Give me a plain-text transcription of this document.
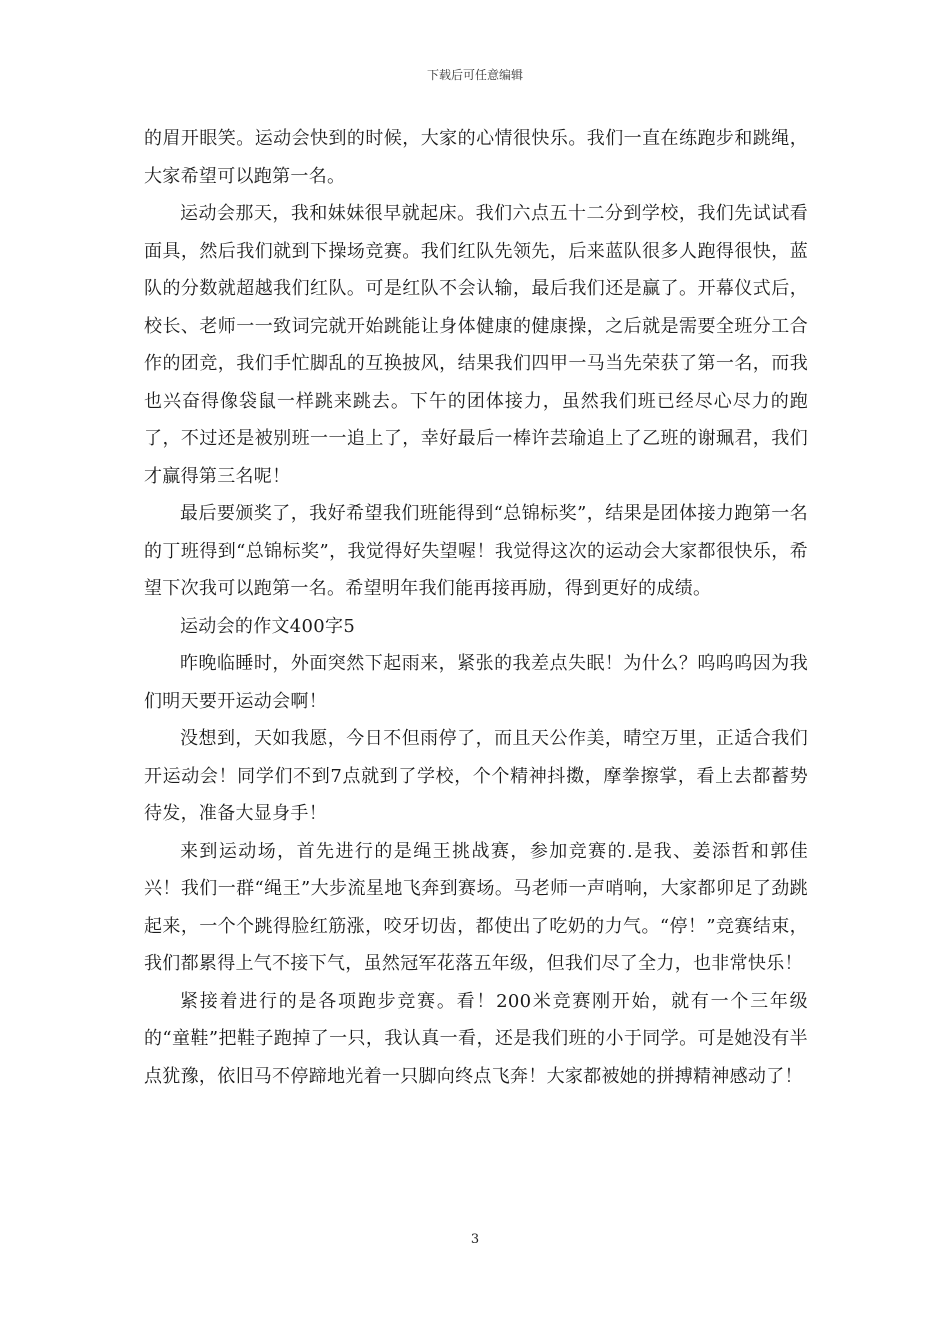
下载后可任意编辑

的眉开眼笑。运动会快到的时候，大家的心情很快乐。我们一直在练跑步和跳绳，大家希望可以跑第一名。

运动会那天，我和妹妹很早就起床。我们六点五十二分到学校，我们先试试看面具，然后我们就到下操场竞赛。我们红队先领先，后来蓝队很多人跑得很快，蓝队的分数就超越我们红队。可是红队不会认输，最后我们还是赢了。开幕仪式后，校长、老师一一致词完就开始跳能让身体健康的健康操，之后就是需要全班分工合作的团竞，我们手忙脚乱的互换披风，结果我们四甲一马当先荣获了第一名，而我也兴奋得像袋鼠一样跳来跳去。下午的团体接力，虽然我们班已经尽心尽力的跑了，不过还是被别班一一追上了，幸好最后一棒许芸瑜追上了乙班的谢珮君，我们才赢得第三名呢！

最后要颁奖了，我好希望我们班能得到“总锦标奖”，结果是团体接力跑第一名的丁班得到“总锦标奖”，我觉得好失望喔！我觉得这次的运动会大家都很快乐，希望下次我可以跑第一名。希望明年我们能再接再励，得到更好的成绩。

运动会的作文400字5

昨晚临睡时，外面突然下起雨来，紧张的我差点失眠！为什么？呜呜呜因为我们明天要开运动会啊！

没想到，天如我愿，今日不但雨停了，而且天公作美，晴空万里，正适合我们开运动会！同学们不到7点就到了学校，个个精神抖擞，摩拳擦掌，看上去都蓄势待发，准备大显身手！

来到运动场，首先进行的是绳王挑战赛，参加竞赛的.是我、姜添哲和郭佳兴！我们一群“绳王”大步流星地飞奔到赛场。马老师一声哨响，大家都卯足了劲跳起来，一个个跳得脸红筋涨，咬牙切齿，都使出了吃奶的力气。“停！”竞赛结束，我们都累得上气不接下气，虽然冠军花落五年级，但我们尽了全力，也非常快乐！

紧接着进行的是各项跑步竞赛。看！200米竞赛刚开始，就有一个三年级的“童鞋”把鞋子跑掉了一只，我认真一看，还是我们班的小于同学。可是她没有半点犹豫，依旧马不停蹄地光着一只脚向终点飞奔！大家都被她的拼搏精神感动了！

3
